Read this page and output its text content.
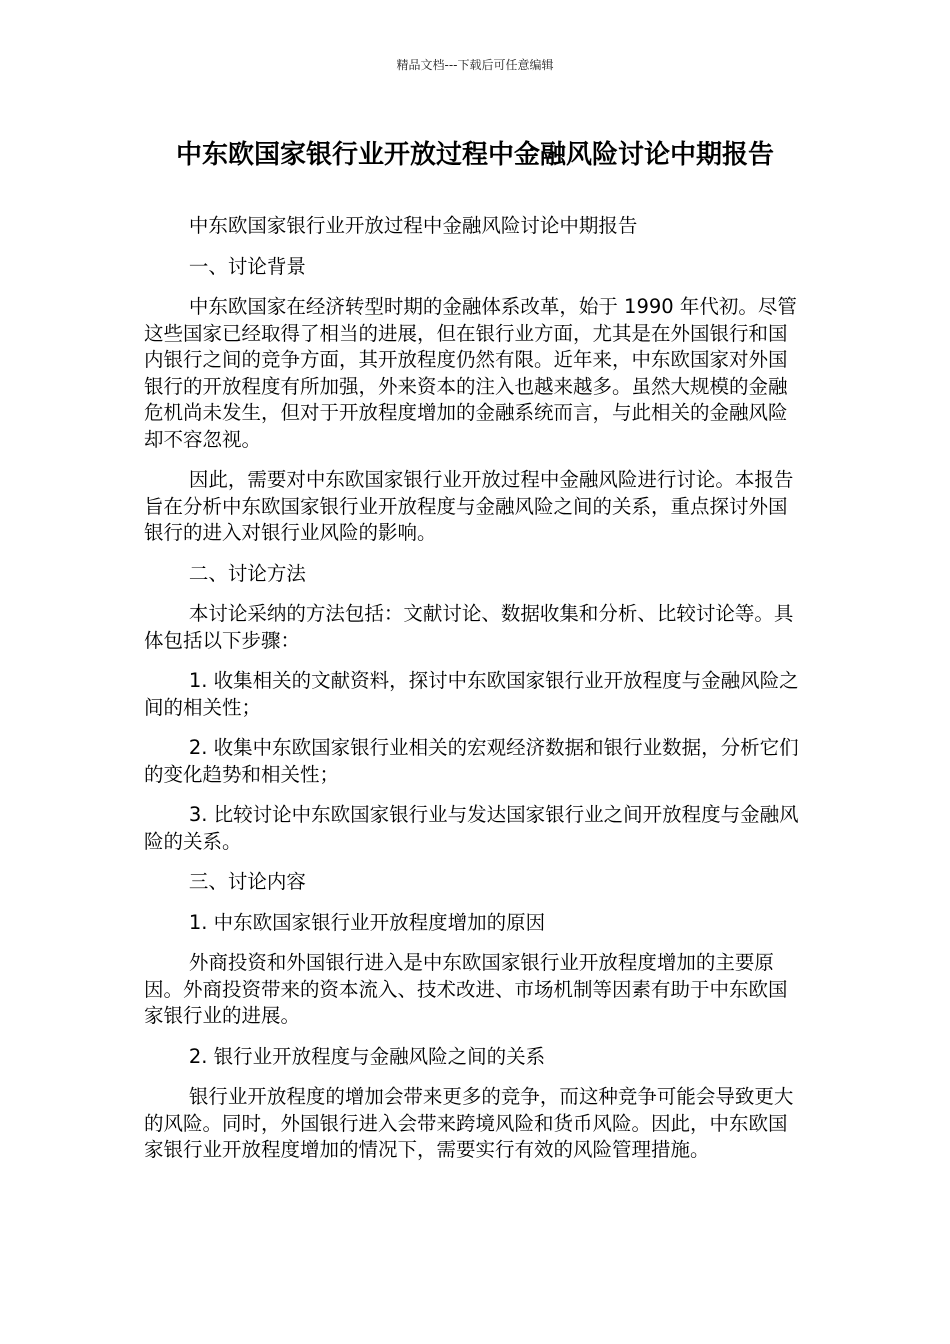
精品文档---下载后可任意编辑
中东欧国家银行业开放过程中金融风险讨论中期报告

中东欧国家银行业开放过程中金融风险讨论中期报告

一、讨论背景

中东欧国家在经济转型时期的金融体系改革，始于 1990 年代初。尽管这些国家已经取得了相当的进展，但在银行业方面，尤其是在外国银行和国内银行之间的竞争方面，其开放程度仍然有限。近年来，中东欧国家对外国银行的开放程度有所加强，外来资本的注入也越来越多。虽然大规模的金融危机尚未发生，但对于开放程度增加的金融系统而言，与此相关的金融风险却不容忽视。

因此，需要对中东欧国家银行业开放过程中金融风险进行讨论。本报告旨在分析中东欧国家银行业开放程度与金融风险之间的关系，重点探讨外国银行的进入对银行业风险的影响。

二、讨论方法

本讨论采纳的方法包括：文献讨论、数据收集和分析、比较讨论等。具体包括以下步骤：

1. 收集相关的文献资料，探讨中东欧国家银行业开放程度与金融风险之间的相关性；

2. 收集中东欧国家银行业相关的宏观经济数据和银行业数据，分析它们的变化趋势和相关性；

3. 比较讨论中东欧国家银行业与发达国家银行业之间开放程度与金融风险的关系。

三、讨论内容

1. 中东欧国家银行业开放程度增加的原因

外商投资和外国银行进入是中东欧国家银行业开放程度增加的主要原因。外商投资带来的资本流入、技术改进、市场机制等因素有助于中东欧国家银行业的进展。

2. 银行业开放程度与金融风险之间的关系

银行业开放程度的增加会带来更多的竞争，而这种竞争可能会导致更大的风险。同时，外国银行进入会带来跨境风险和货币风险。因此，中东欧国家银行业开放程度增加的情况下，需要实行有效的风险管理措施。
